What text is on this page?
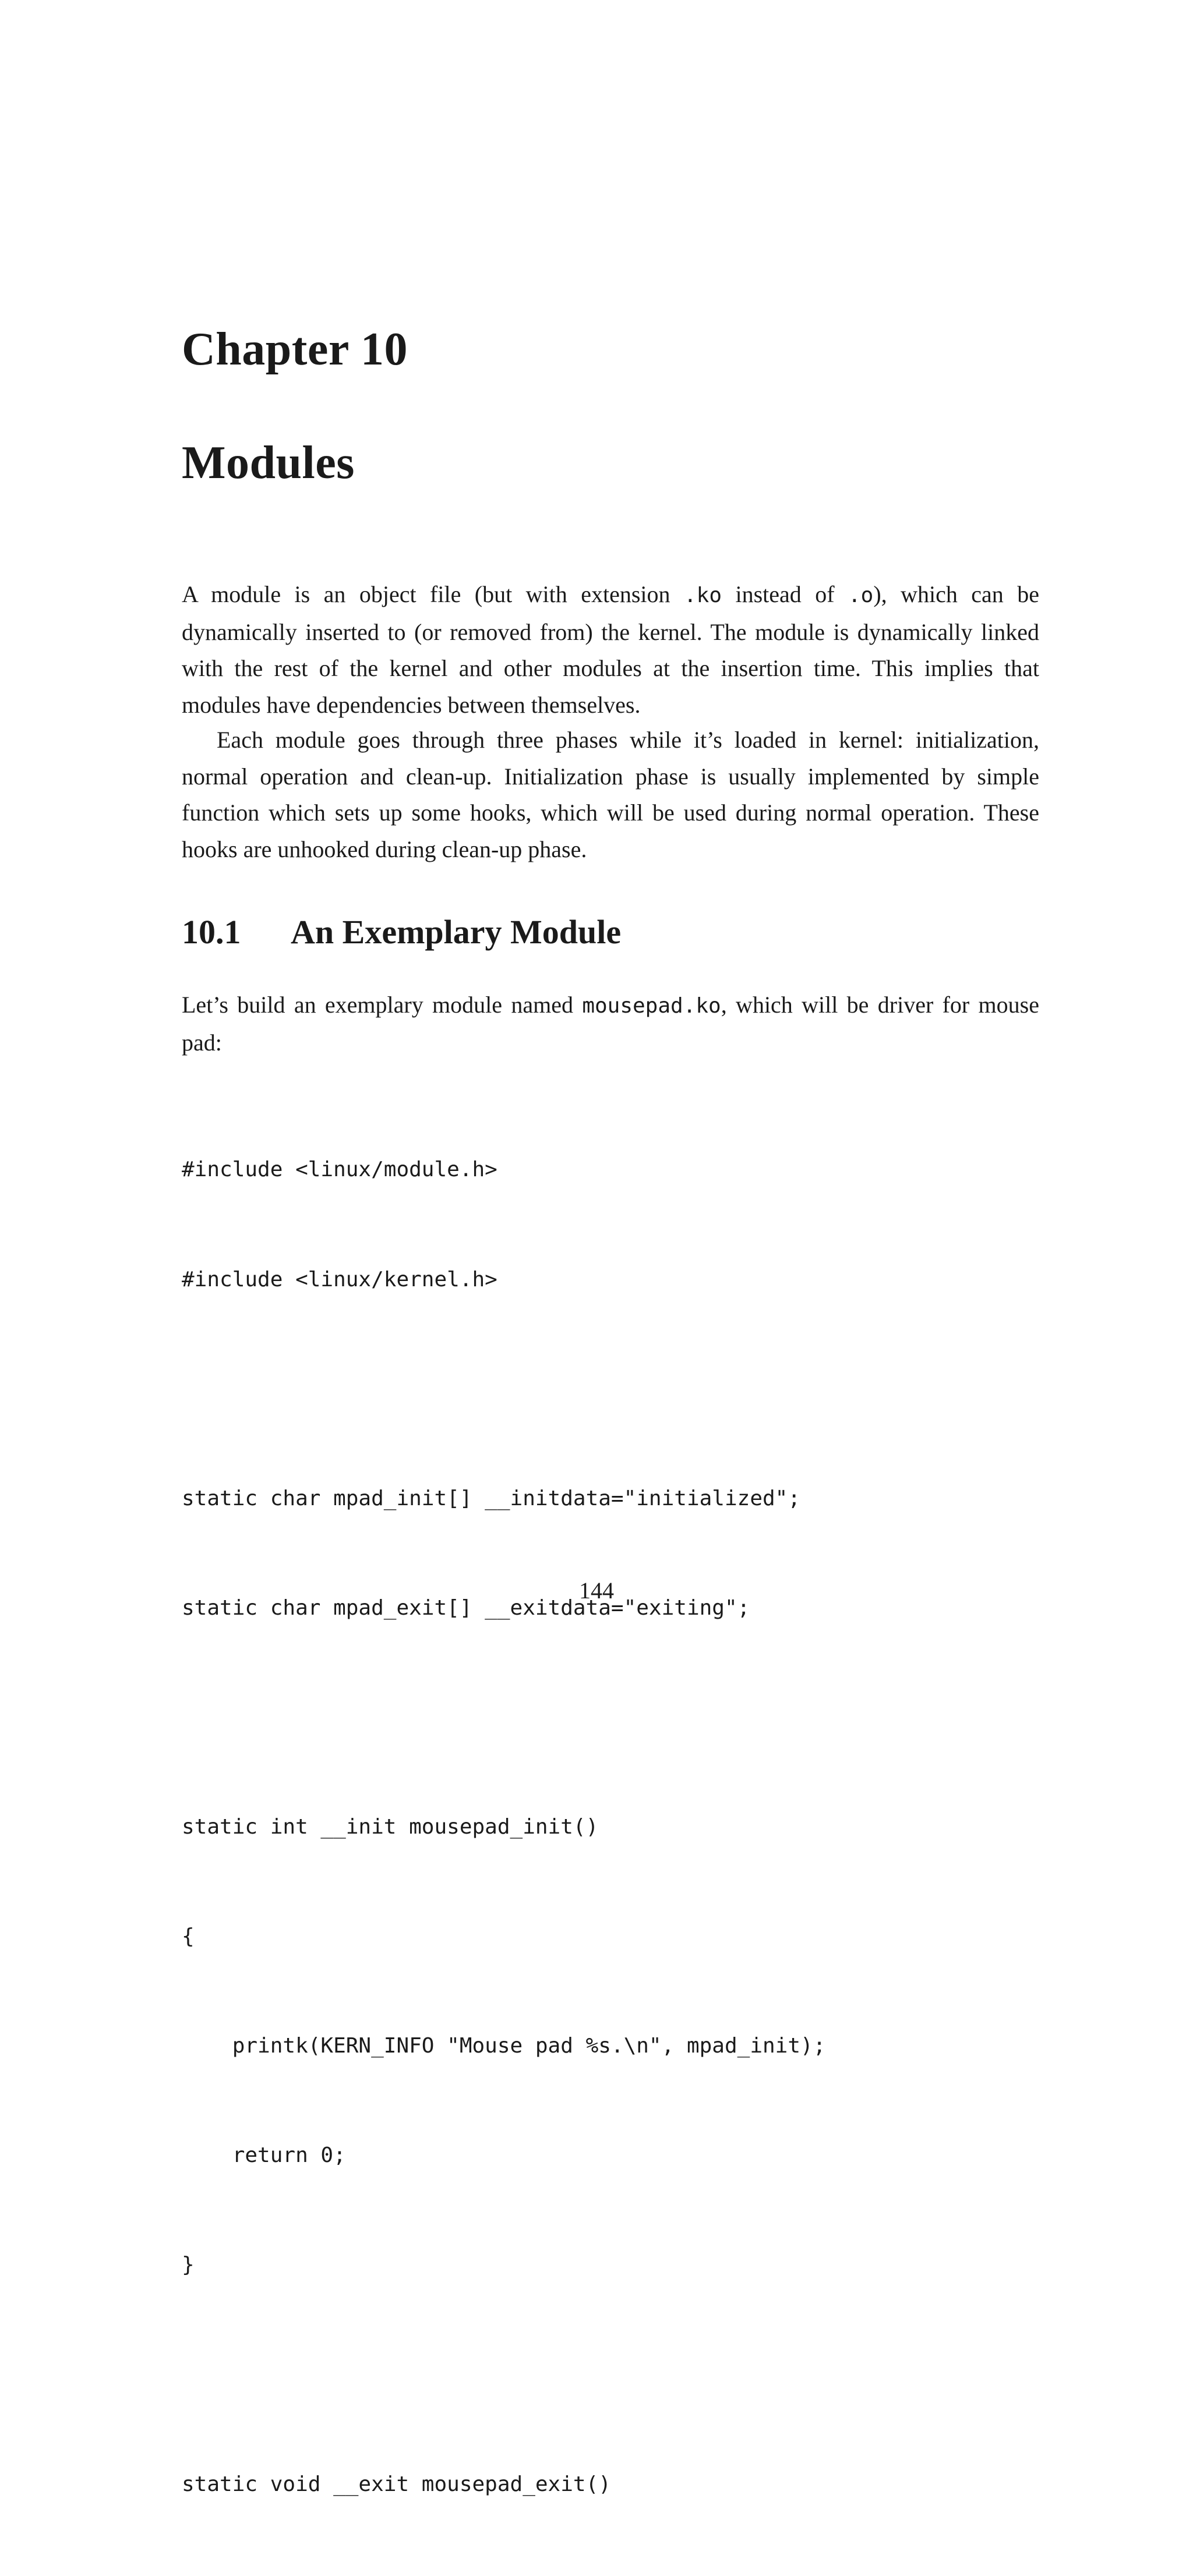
Chapter 10
Modules

A module is an object file (but with extension .ko instead of .o), which can be dynamically inserted to (or removed from) the kernel. The module is dynamically linked with the rest of the kernel and other modules at the insertion time. This implies that modules have dependencies between themselves.

Each module goes through three phases while it’s loaded in kernel: initialization, normal operation and clean-up. Initialization phase is usually implemented by simple function which sets up some hooks, which will be used during normal operation. These hooks are unhooked during clean-up phase.

10.1 An Exemplary Module

Let’s build an exemplary module named mousepad.ko, which will be driver for mouse pad:

#include <linux/module.h>

#include <linux/kernel.h>

static char mpad_init[] __initdata="initialized";

static char mpad_exit[] __exitdata="exiting";

static int __init mousepad_init()

{

printk(KERN_INFO "Mouse pad %s.\n", mpad_init);

return 0;

}

static void __exit mousepad_exit()

144
